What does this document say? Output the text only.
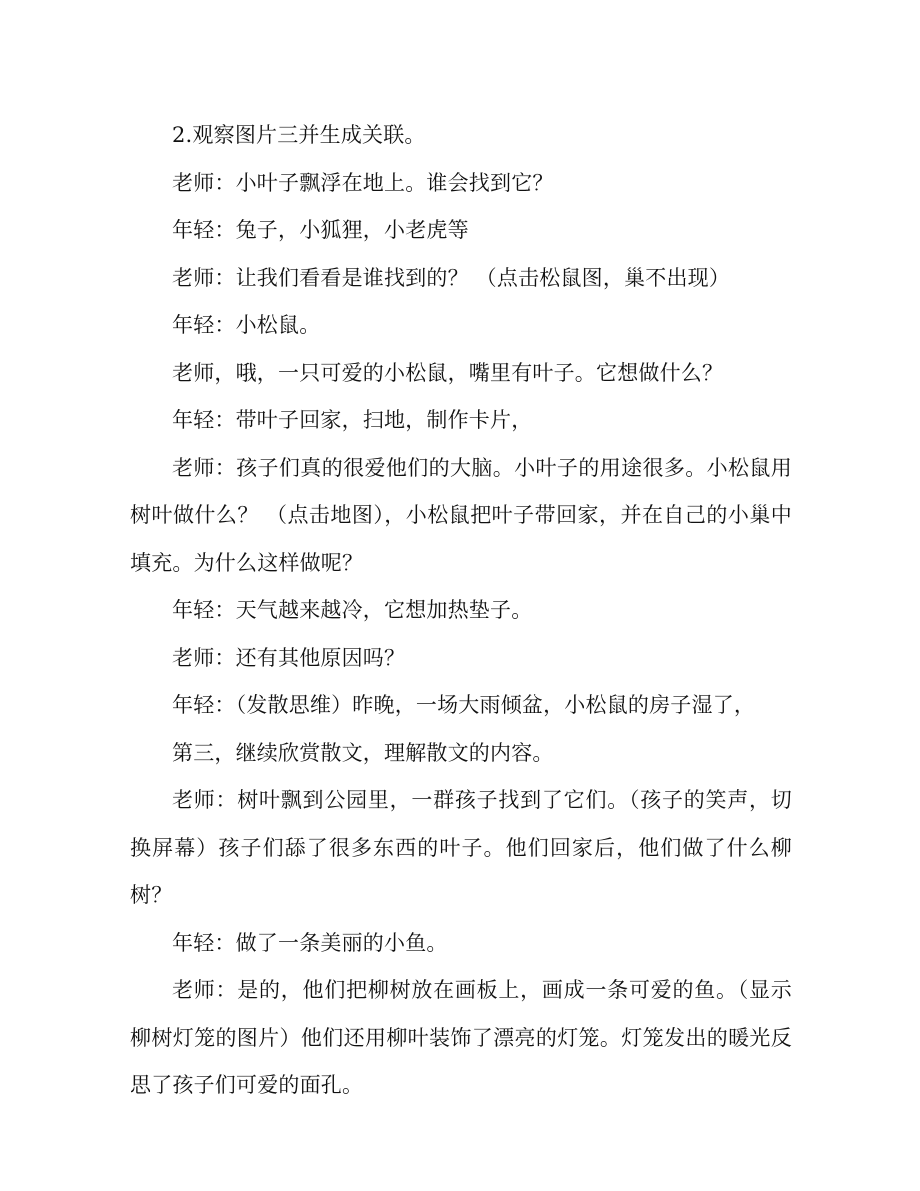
2.观察图片三并生成关联。

老师：小叶子飘浮在地上。谁会找到它？

年轻：兔子，小狐狸，小老虎等

老师：让我们看看是谁找到的？ （点击松鼠图，巢不出现）

年轻：小松鼠。

老师，哦，一只可爱的小松鼠，嘴里有叶子。它想做什么？

年轻：带叶子回家，扫地，制作卡片，

老师：孩子们真的很爱他们的大脑。小叶子的用途很多。小松鼠用树叶做什么？ （点击地图），小松鼠把叶子带回家，并在自己的小巢中填充。为什么这样做呢？

年轻：天气越来越冷，它想加热垫子。

老师：还有其他原因吗？

年轻：（发散思维）昨晚，一场大雨倾盆，小松鼠的房子湿了，

第三，继续欣赏散文，理解散文的内容。

老师：树叶飘到公园里，一群孩子找到了它们。（孩子的笑声，切换屏幕）孩子们舔了很多东西的叶子。他们回家后，他们做了什么柳树？

年轻：做了一条美丽的小鱼。

老师：是的，他们把柳树放在画板上，画成一条可爱的鱼。（显示柳树灯笼的图片）他们还用柳叶装饰了漂亮的灯笼。灯笼发出的暖光反思了孩子们可爱的面孔。
